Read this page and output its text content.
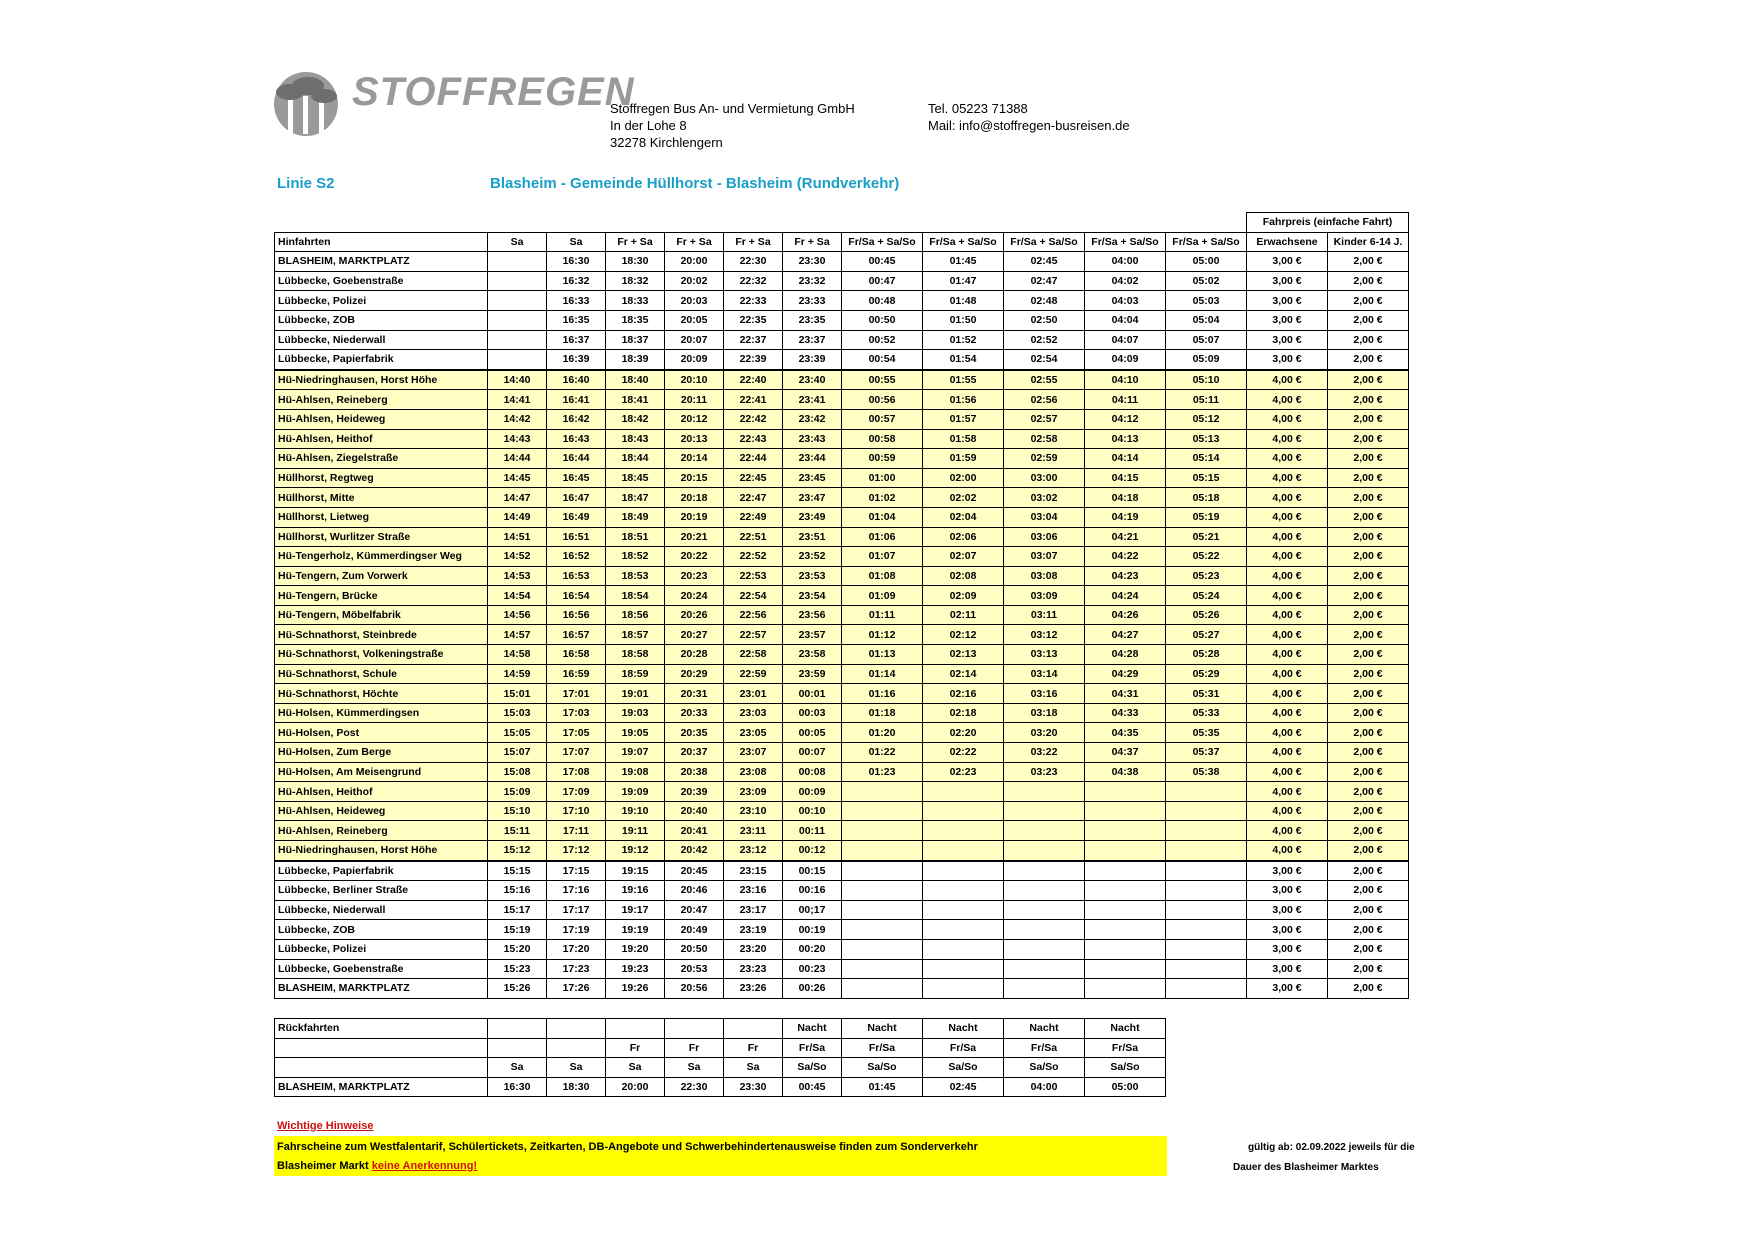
STOFFREGEN
Stoffregen Bus An- und Vermietung GmbH
In der Lohe 8
32278 Kirchlengern
Tel. 05223 71388
Mail: info@stoffregen-busreisen.de
Linie S2	Blasheim - Gemeinde Hüllhorst - Blasheim (Rundverkehr)
												Fahrpreis (einfache Fahrt)	
Hinfahrten	Sa	Sa	Fr + Sa	Fr + Sa	Fr + Sa	Fr + Sa	Fr/Sa + Sa/So	Fr/Sa + Sa/So	Fr/Sa + Sa/So	Fr/Sa + Sa/So	Fr/Sa + Sa/So	Erwachsene	Kinder 6-14 J.
BLASHEIM, MARKTPLATZ		16:30	18:30	20:00	22:30	23:30	00:45	01:45	02:45	04:00	05:00	3,00 €	2,00 €
Lübbecke, Goebenstraße		16:32	18:32	20:02	22:32	23:32	00:47	01:47	02:47	04:02	05:02	3,00 €	2,00 €
Lübbecke, Polizei		16:33	18:33	20:03	22:33	23:33	00:48	01:48	02:48	04:03	05:03	3,00 €	2,00 €
Lübbecke, ZOB		16:35	18:35	20:05	22:35	23:35	00:50	01:50	02:50	04:04	05:04	3,00 €	2,00 €
Lübbecke, Niederwall		16:37	18:37	20:07	22:37	23:37	00:52	01:52	02:52	04:07	05:07	3,00 €	2,00 €
Lübbecke, Papierfabrik		16:39	18:39	20:09	22:39	23:39	00:54	01:54	02:54	04:09	05:09	3,00 €	2,00 €
Hü-Niedringhausen, Horst Höhe	14:40	16:40	18:40	20:10	22:40	23:40	00:55	01:55	02:55	04:10	05:10	4,00 €	2,00 €
Hü-Ahlsen, Reineberg	14:41	16:41	18:41	20:11	22:41	23:41	00:56	01:56	02:56	04:11	05:11	4,00 €	2,00 €
Hü-Ahlsen, Heideweg	14:42	16:42	18:42	20:12	22:42	23:42	00:57	01:57	02:57	04:12	05:12	4,00 €	2,00 €
Hü-Ahlsen, Heithof	14:43	16:43	18:43	20:13	22:43	23:43	00:58	01:58	02:58	04:13	05:13	4,00 €	2,00 €
Hü-Ahlsen, Ziegelstraße	14:44	16:44	18:44	20:14	22:44	23:44	00:59	01:59	02:59	04:14	05:14	4,00 €	2,00 €
Hüllhorst, Regtweg	14:45	16:45	18:45	20:15	22:45	23:45	01:00	02:00	03:00	04:15	05:15	4,00 €	2,00 €
Hüllhorst, Mitte	14:47	16:47	18:47	20:18	22:47	23:47	01:02	02:02	03:02	04:18	05:18	4,00 €	2,00 €
Hüllhorst, Lietweg	14:49	16:49	18:49	20:19	22:49	23:49	01:04	02:04	03:04	04:19	05:19	4,00 €	2,00 €
Hüllhorst, Wurlitzer Straße	14:51	16:51	18:51	20:21	22:51	23:51	01:06	02:06	03:06	04:21	05:21	4,00 €	2,00 €
Hü-Tengerholz, Kümmerdingser Weg	14:52	16:52	18:52	20:22	22:52	23:52	01:07	02:07	03:07	04:22	05:22	4,00 €	2,00 €
Hü-Tengern, Zum Vorwerk	14:53	16:53	18:53	20:23	22:53	23:53	01:08	02:08	03:08	04:23	05:23	4,00 €	2,00 €
Hü-Tengern, Brücke	14:54	16:54	18:54	20:24	22:54	23:54	01:09	02:09	03:09	04:24	05:24	4,00 €	2,00 €
Hü-Tengern, Möbelfabrik	14:56	16:56	18:56	20:26	22:56	23:56	01:11	02:11	03:11	04:26	05:26	4,00 €	2,00 €
Hü-Schnathorst, Steinbrede	14:57	16:57	18:57	20:27	22:57	23:57	01:12	02:12	03:12	04:27	05:27	4,00 €	2,00 €
Hü-Schnathorst, Volkeningstraße	14:58	16:58	18:58	20:28	22:58	23:58	01:13	02:13	03:13	04:28	05:28	4,00 €	2,00 €
Hü-Schnathorst, Schule	14:59	16:59	18:59	20:29	22:59	23:59	01:14	02:14	03:14	04:29	05:29	4,00 €	2,00 €
Hü-Schnathorst, Höchte	15:01	17:01	19:01	20:31	23:01	00:01	01:16	02:16	03:16	04:31	05:31	4,00 €	2,00 €
Hü-Holsen, Kümmerdingsen	15:03	17:03	19:03	20:33	23:03	00:03	01:18	02:18	03:18	04:33	05:33	4,00 €	2,00 €
Hü-Holsen, Post	15:05	17:05	19:05	20:35	23:05	00:05	01:20	02:20	03:20	04:35	05:35	4,00 €	2,00 €
Hü-Holsen, Zum Berge	15:07	17:07	19:07	20:37	23:07	00:07	01:22	02:22	03:22	04:37	05:37	4,00 €	2,00 €
Hü-Holsen, Am Meisengrund	15:08	17:08	19:08	20:38	23:08	00:08	01:23	02:23	03:23	04:38	05:38	4,00 €	2,00 €
Hü-Ahlsen, Heithof	15:09	17:09	19:09	20:39	23:09	00:09						4,00 €	2,00 €
Hü-Ahlsen, Heideweg	15:10	17:10	19:10	20:40	23:10	00:10						4,00 €	2,00 €
Hü-Ahlsen, Reineberg	15:11	17:11	19:11	20:41	23:11	00:11						4,00 €	2,00 €
Hü-Niedringhausen, Horst Höhe	15:12	17:12	19:12	20:42	23:12	00:12						4,00 €	2,00 €
Lübbecke, Papierfabrik	15:15	17:15	19:15	20:45	23:15	00:15						3,00 €	2,00 €
Lübbecke, Berliner Straße	15:16	17:16	19:16	20:46	23:16	00:16						3,00 €	2,00 €
Lübbecke, Niederwall	15:17	17:17	19:17	20:47	23:17	00;17						3,00 €	2,00 €
Lübbecke, ZOB	15:19	17:19	19:19	20:49	23:19	00:19						3,00 €	2,00 €
Lübbecke, Polizei	15:20	17:20	19:20	20:50	23:20	00:20						3,00 €	2,00 €
Lübbecke, Goebenstraße	15:23	17:23	19:23	20:53	23:23	00:23						3,00 €	2,00 €
BLASHEIM, MARKTPLATZ	15:26	17:26	19:26	20:56	23:26	00:26						3,00 €	2,00 €
Rückfahrten						Nacht	Nacht	Nacht	Nacht	Nacht
			Fr	Fr	Fr	Fr/Sa	Fr/Sa	Fr/Sa	Fr/Sa	Fr/Sa
	Sa	Sa	Sa	Sa	Sa	Sa/So	Sa/So	Sa/So	Sa/So	Sa/So
BLASHEIM, MARKTPLATZ	16:30	18:30	20:00	22:30	23:30	00:45	01:45	02:45	04:00	05:00
Wichtige Hinweise
Fahrscheine zum Westfalentarif, Schülertickets, Zeitkarten, DB-Angebote und Schwerbehindertenausweise finden zum Sonderverkehr
Blasheimer Markt keine Anerkennung!
gültig ab: 02.09.2022 jeweils für die
Dauer des Blasheimer Marktes
